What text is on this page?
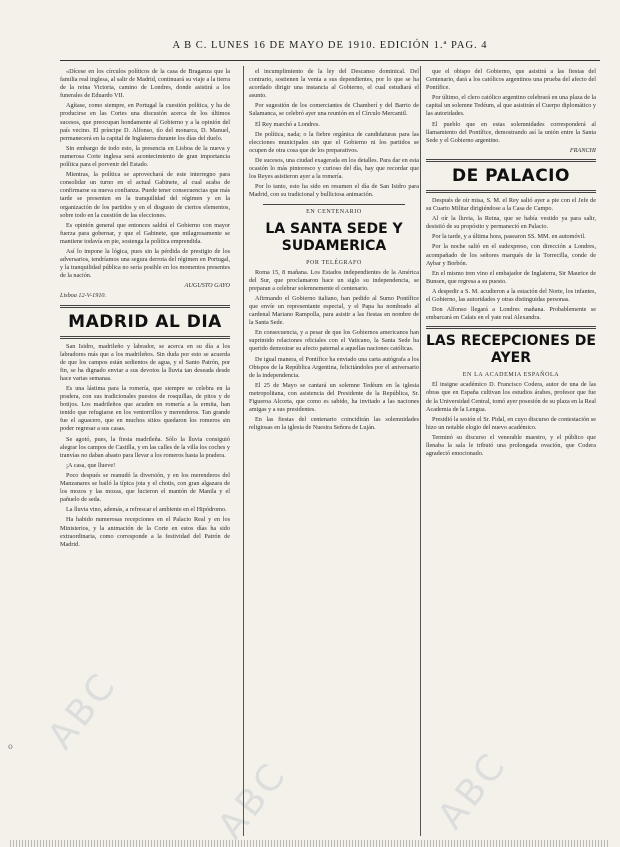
A B C. LUNES 16 DE MAYO DE 1910. EDICIÓN 1.ª PAG. 4

«Dícese en los círculos políticos de la casa de Braganza que la familia real inglesa, al salir de Madrid, continuará su viaje a la tierra de la reina Victoria, camino de Londres, donde asistirá a los funerales de Eduardo VII.

Agítase, como siempre, en Portugal la cuestión política, y ha de producirse en las Cortes una discusión acerca de los últimos sucesos, que preocupan hondamente al Gobierno y a la opinión del país vecino. El príncipe D. Alfonso, tío del monarca, D. Manuel, permanecerá en la capital de Inglaterra durante los días del duelo.

Sin embargo de todo esto, la presencia en Lisboa de la nueva y numerosa Corte inglesa será acontecimiento de gran importancia política para el porvenir del Estado.

Mientras, la política se aprovechará de este interregno para consolidar un turno en el actual Gabinete, al cual acaba de confirmarse su nueva confianza. Puede tener consecuencias que más tarde se presenten en la tranquilidad del régimen y en la organización de los partidos y en el disgusto de ciertos elementos, sobre todo en la cuestión de las elecciones.

Es opinión general que entonces saldrá el Gobierno con mayor fuerza para gobernar, y que el Gabinete, que milagrosamente se mantiene todavía en pie, sostenga la política emprendida.

Así lo impone la lógica, pues sin la pérdida de prestigio de los adversarios, tendríamos una segura derrota del régimen en Portugal, y la tranquilidad pública no sería posible en los momentos presentes de la nación.

AUGUSTO GAYO

Lisboa 12-V-1910.

MADRID AL DIA

San Isidro, madrileño y labrador, se acerca en su día a los labradores más que a los madrileños. Sin duda por esto se acuerda de que los campos están sedientos de agua, y el Santo Patrón, por fin, se ha dignado enviar a sus devotos la lluvia tan deseada desde hace varias semanas.

Es una lástima para la romería, que siempre se celebra en la pradera, con sus tradicionales puestos de rosquillas, de pitos y de botijos. Los madrileños que acuden en romería a la ermita, han tenido que refugiarse en los ventorrillos y merenderos. Tan grande fue el aguacero, que en muchos sitios quedaron los romeros sin poder regresar a sus casas.

Se agotó, pues, la fiesta madrileña. Sólo la lluvia consiguió alegrar los campos de Castilla, y en las calles de la villa los coches y tranvías no daban abasto para llevar a los romeros hasta la pradera.

¡A casa, que llueve!

Poco después se reanudó la diversión, y en los merenderos del Manzanares se bailó la típica jota y el chotis, con gran algazara de los mozos y las mozas, que lucieron el mantón de Manila y el pañuelo de seda.

La lluvia vino, además, a refrescar el ambiente en el Hipódromo.

Ha habido numerosas recepciones en el Palacio Real y en los Ministerios, y la animación de la Corte en estos días ha sido extraordinaria, como corresponde a la festividad del Patrón de Madrid.

el incumplimiento de la ley del Descanso dominical. Del contrario, sostienen la venta a sus dependientes, por lo que se ha acordado dirigir una instancia al Gobierno, el cual estudiará el asunto.

Por sugestión de los comerciantes de Chamberí y del Barrio de Salamanca, se celebró ayer una reunión en el Círculo Mercantil.

El Rey marchó a Londres.

De política, nada; o la fiebre orgánica de candidaturas para las elecciones municipales sin que el Gobierno ni los partidos se ocupen de otra cosa que de los preparativos.

De sucesos, una ciudad exagerada en los detalles. Para dar en esta ocasión lo más pintoresco y curioso del día, hay que recordar que los Reyes asistieron ayer a la romería.

Por lo tanto, esto ha sido en resumen el día de San Isidro para Madrid, con su tradicional y bulliciosa animación.

EN CENTENARIO

LA SANTA SEDE Y SUDAMERICA

POR TELÉGRAFO

Roma 15, 8 mañana. Los Estados independientes de la América del Sur, que proclamaron hace un siglo su independencia, se preparan a celebrar solemnemente el centenario.

Afirmando el Gobierno italiano, han pedido al Sumo Pontífice que envíe un representante especial, y el Papa ha nombrado al cardenal Mariano Rampolla, para asistir a las fiestas en nombre de la Santa Sede.

En consecuencia, y a pesar de que los Gobiernos americanos han suprimido relaciones oficiales con el Vaticano, la Santa Sede ha querido demostrar su afecto paternal a aquellas naciones católicas.

De igual manera, el Pontífice ha enviado una carta autógrafa a los Obispos de la República Argentina, felicitándoles por el aniversario de la independencia.

El 25 de Mayo se cantará un solemne Tedéum en la iglesia metropolitana, con asistencia del Presidente de la República, Sr. Figueroa Alcorta, que como es sabido, ha invitado a las naciones amigas y a sus presidentes.

En las fiestas del centenario coincidirán las solemnidades religiosas en la iglesia de Nuestra Señora de Luján.

que el obispo del Gobierno, que asistirá a las fiestas del Centenario, dará a los católicos argentinos una prueba del afecto del Pontífice.

Por último, el clero católico argentino celebrará en una plaza de la capital un solemne Tedéum, al que asistirán el Cuerpo diplomático y las autoridades.

El pueblo que en estas solemnidades corresponderá al llamamiento del Pontífice, demostrando así la unión entre la Santa Sede y el Gobierno argentino.

FRANCHI

DE PALACIO

Después de oír misa, S. M. el Rey salió ayer a pie con el Jefe de su Cuarto Militar dirigiéndose a la Casa de Campo.

Al oír la lluvia, la Reina, que se había vestido ya para salir, desistió de su propósito y permaneció en Palacio.

Por la tarde, y a última hora, pasearon SS. MM. en automóvil.

Por la noche salió en el sudexpreso, con dirección a Londres, acompañado de los señores marqués de la Torrecilla, conde de Aybar y Borbón.

En el mismo tren vino el embajador de Inglaterra, Sir Maurice de Bunsen, que regresa a su puesto.

A despedir a S. M. acudieron a la estación del Norte, los infantes, el Gobierno, las autoridades y otras distinguidas personas.

Don Alfonso llegará a Londres mañana. Probablemente se embarcará en Calais en el yate real Alexandra.

LAS RECEPCIONES DE AYER

EN LA ACADEMIA ESPAÑOLA

El insigne académico D. Francisco Codera, autor de una de las obras que en España cultivan los estudios árabes, profesor que fue de la Universidad Central, tomó ayer posesión de su plaza en la Real Academia de la Lengua.

Presidió la sesión el Sr. Pidal, en cuyo discurso de contestación se hizo un notable elogio del nuevo académico.

Terminó su discurso el venerable maestro, y el público que llenaba la sala le tributó una prolongada ovación, que Codera agradeció emocionado.

ABC
ABC	ABC
o
